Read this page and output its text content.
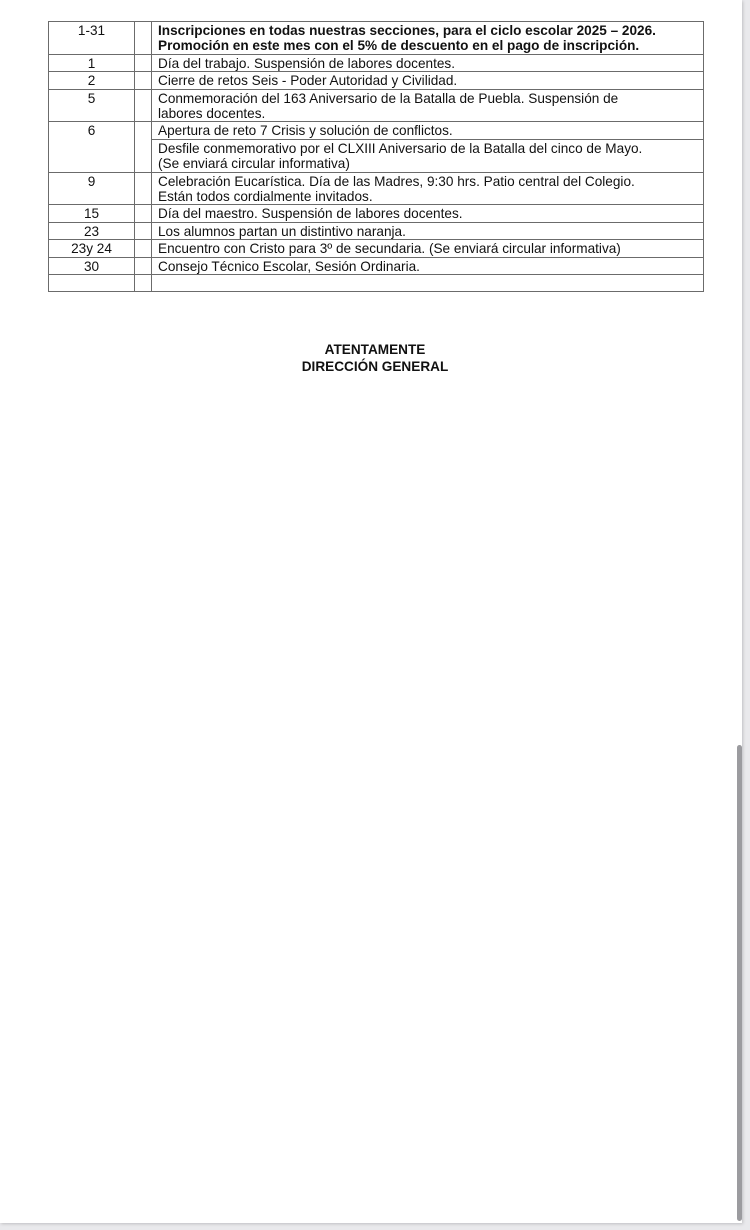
1-31		Inscripciones en todas nuestras secciones, para el ciclo escolar 2025 – 2026.
Promoción en este mes con el 5% de descuento en el pago de inscripción.

1		Día del trabajo. Suspensión de labores docentes.

2		Cierre de retos Seis - Poder Autoridad y Civilidad.

5		Conmemoración del 163 Aniversario de la Batalla de Puebla. Suspensión de
labores docentes.

6		Apertura de reto 7 Crisis y solución de conflictos.

		Desfile conmemorativo por el CLXIII Aniversario de la Batalla del cinco de Mayo.
(Se enviará circular informativa)

9		Celebración Eucarística. Día de las Madres, 9:30 hrs. Patio central del Colegio.
Están todos cordialmente invitados.

15		Día del maestro. Suspensión de labores docentes.

23		Los alumnos partan un distintivo naranja.

23y 24		Encuentro con Cristo para 3º de secundaria. (Se enviará circular informativa)

30		Consejo Técnico Escolar, Sesión Ordinaria.

ATENTAMENTE
DIRECCIÓN GENERAL
